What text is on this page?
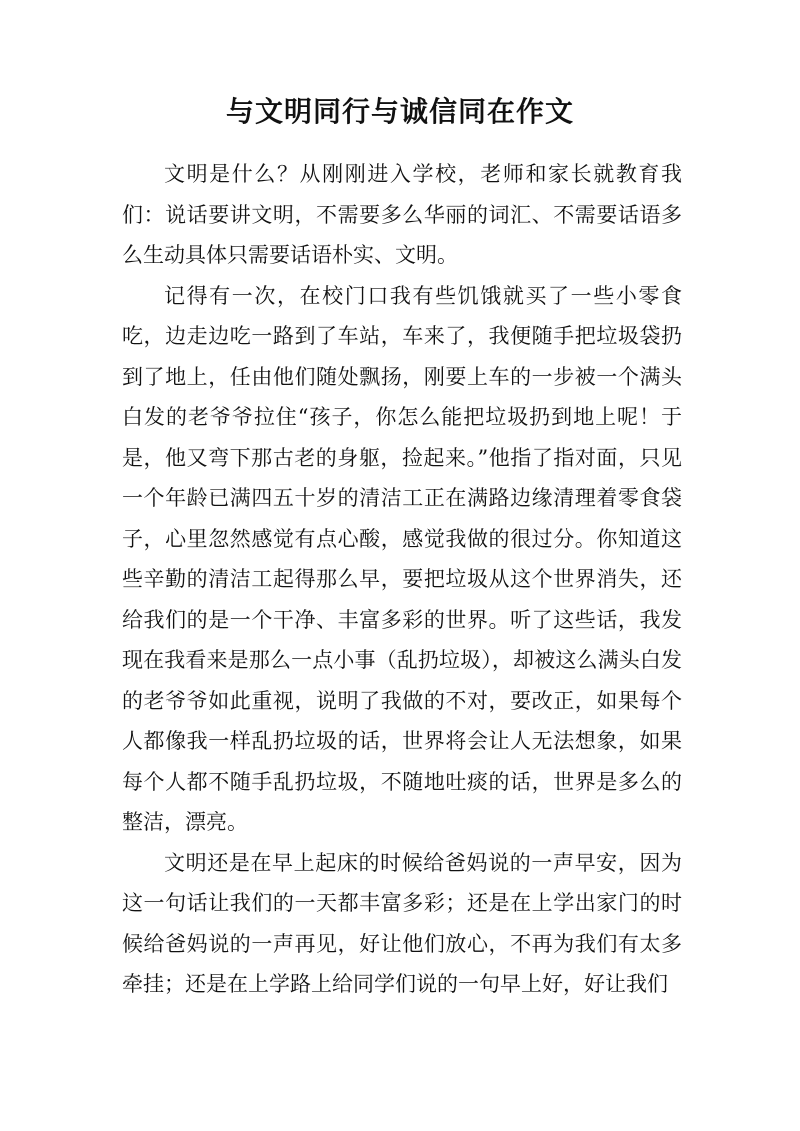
与文明同行与诚信同在作文

文明是什么？从刚刚进入学校，老师和家长就教育我们：说话要讲文明，不需要多么华丽的词汇、不需要话语多么生动具体只需要话语朴实、文明。

记得有一次，在校门口我有些饥饿就买了一些小零食吃，边走边吃一路到了车站，车来了，我便随手把垃圾袋扔到了地上，任由他们随处飘扬，刚要上车的一步被一个满头白发的老爷爷拉住“孩子，你怎么能把垃圾扔到地上呢！于是，他又弯下那古老的身躯，捡起来。”他指了指对面，只见一个年龄已满四五十岁的清洁工正在满路边缘清理着零食袋子，心里忽然感觉有点心酸，感觉我做的很过分。你知道这些辛勤的清洁工起得那么早，要把垃圾从这个世界消失，还给我们的是一个干净、丰富多彩的世界。听了这些话，我发现在我看来是那么一点小事（乱扔垃圾），却被这么满头白发的老爷爷如此重视，说明了我做的不对，要改正，如果每个人都像我一样乱扔垃圾的话，世界将会让人无法想象，如果每个人都不随手乱扔垃圾，不随地吐痰的话，世界是多么的整洁，漂亮。

文明还是在早上起床的时候给爸妈说的一声早安，因为这一句话让我们的一天都丰富多彩；还是在上学出家门的时候给爸妈说的一声再见，好让他们放心，不再为我们有太多牵挂；还是在上学路上给同学们说的一句早上好，好让我们
